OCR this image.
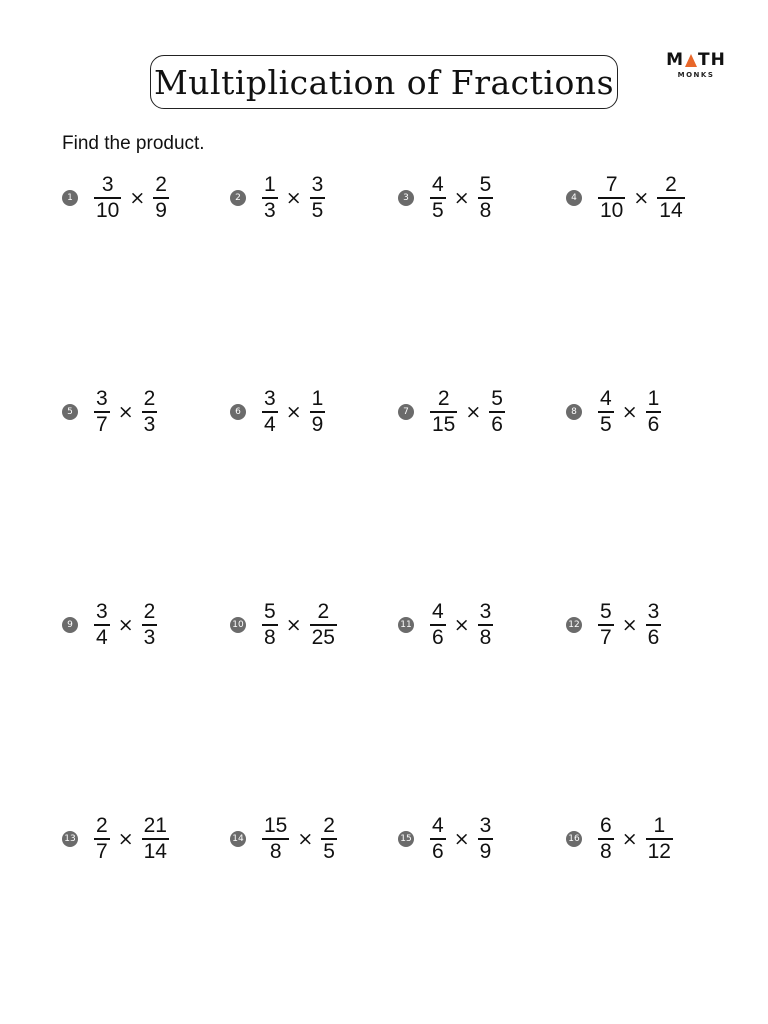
Multiplication of Fractions
M TH
MONKS
Find the product.
$1 \frac{3}{10} \times \frac{2}{9}$	$2 \frac{1}{3} \times \frac{3}{5}$	$3 \frac{4}{5} \times \frac{5}{8}$	$4 \frac{7}{10} \times \frac{2}{14}$
$5 \frac{3}{7} \times \frac{2}{3}$	$6 \frac{3}{4} \times \frac{1}{9}$	$7 \frac{2}{15} \times \frac{5}{6}$	$8 \frac{4}{5} \times \frac{1}{6}$
$9 \frac{3}{4} \times \frac{2}{3}$	$10 \frac{5}{8} \times \frac{2}{25}$	$11 \frac{4}{6} \times \frac{3}{8}$	$12 \frac{5}{7} \times \frac{3}{6}$
$13 \frac{2}{7} \times \frac{21}{14}$	$14 \frac{15}{8} \times \frac{2}{5}$	$15 \frac{4}{6} \times \frac{3}{9}$	$16 \frac{6}{8} \times \frac{1}{12}$
